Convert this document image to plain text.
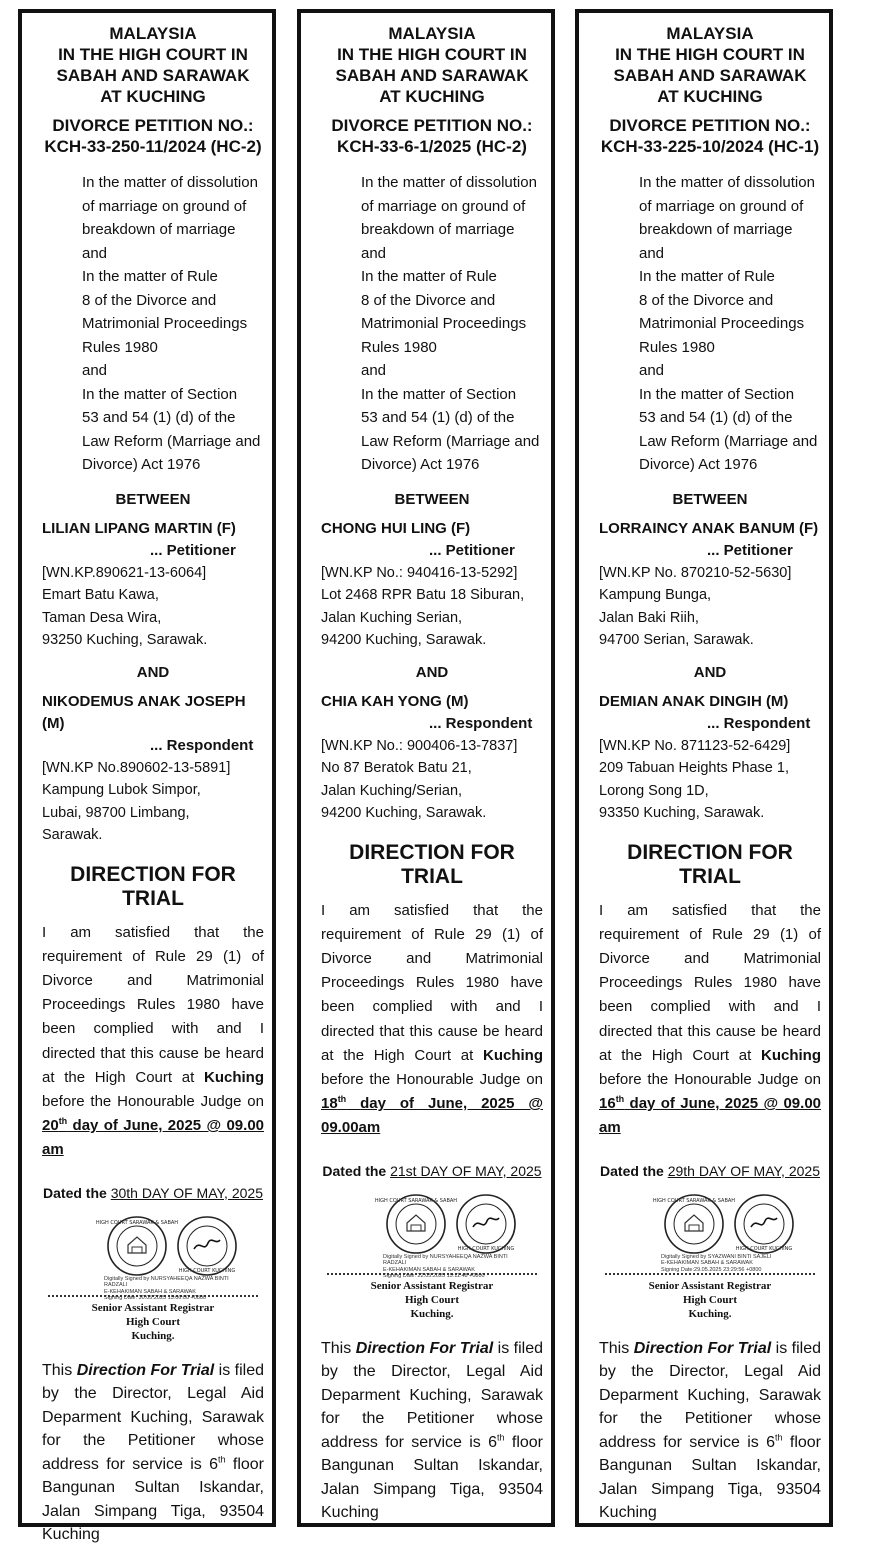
MALAYSIA
IN THE HIGH COURT IN
SABAH AND SARAWAK
AT KUCHING
DIVORCE PETITION NO.:
KCH-33-250-11/2024 (HC-2)
In the matter of dissolution
of marriage on ground of
breakdown of marriage
and
In the matter of Rule
8 of the Divorce and
Matrimonial Proceedings
Rules 1980
and
In the matter of Section
53 and 54 (1) (d) of the
Law Reform (Marriage and
Divorce) Act 1976
BETWEEN
LILIAN LIPANG MARTIN (F)
... Petitioner
[WN.KP.890621-13-6064]
Emart Batu Kawa,
Taman Desa Wira,
93250 Kuching, Sarawak.
AND
NIKODEMUS ANAK JOSEPH (M)
... Respondent
[WN.KP No.890602-13-5891]
Kampung Lubok Simpor,
Lubai, 98700 Limbang,
Sarawak.
DIRECTION FOR TRIAL

I am satisfied that the requirement of Rule 29 (1) of Divorce and Matrimonial Proceedings Rules 1980 have been complied with and I directed that this cause be heard at the High Court at Kuching before the Honourable Judge on 20th day of June, 2025 @ 09.00 am

Dated the 30th DAY OF MAY, 2025
HIGH COURT SARAWAK & SABAH
HIGH COURT KUCHING
Digitally Signed by NURSYAHEEQA NAZWA BINTI
RADZALI
E-KEHAKIMAN SABAH & SARAWAK
Signing Date: 30.05.2025 15:06:00 +0800
Senior Assistant Registrar
High Court
Kuching.
This Direction For Trial is filed by the Director, Legal Aid Deparment Kuching, Sarawak for the Petitioner whose address for service is 6th floor Bangunan Sultan Iskandar, Jalan Simpang Tiga, 93504 Kuching
MALAYSIA
IN THE HIGH COURT IN
SABAH AND SARAWAK
AT KUCHING
DIVORCE PETITION NO.:
KCH-33-6-1/2025 (HC-2)
In the matter of dissolution
of marriage on ground of
breakdown of marriage
and
In the matter of Rule
8 of the Divorce and
Matrimonial Proceedings
Rules 1980
and
In the matter of Section
53 and 54 (1) (d) of the
Law Reform (Marriage and
Divorce) Act 1976
BETWEEN
CHONG HUI LING (F)
... Petitioner
[WN.KP No.: 940416-13-5292]
Lot 2468 RPR Batu 18 Siburan,
Jalan Kuching Serian,
94200 Kuching, Sarawak.
AND
CHIA KAH YONG (M)
... Respondent
[WN.KP No.: 900406-13-7837]
No 87 Beratok Batu 21,
Jalan Kuching/Serian,
94200 Kuching, Sarawak.
DIRECTION FOR TRIAL

I am satisfied that the requirement of Rule 29 (1) of Divorce and Matrimonial Proceedings Rules 1980 have been complied with and I directed that this cause be heard at the High Court at Kuching before the Honourable Judge on 18th day of June, 2025 @ 09.00am

Dated the 21st DAY OF MAY, 2025
HIGH COURT SARAWAK & SABAH
HIGH COURT KUCHING
Digitally Signed by NURSYAHEEQA NAZWA BINTI
RADZALI
E-KEHAKIMAN SABAH & SARAWAK
Signing Date: 22.05.2025 15:11:48 +0800
Senior Assistant Registrar
High Court
Kuching.
This Direction For Trial is filed by the Director, Legal Aid Deparment Kuching, Sarawak for the Petitioner whose address for service is 6th floor Bangunan Sultan Iskandar, Jalan Simpang Tiga, 93504 Kuching
MALAYSIA
IN THE HIGH COURT IN
SABAH AND SARAWAK
AT KUCHING
DIVORCE PETITION NO.:
KCH-33-225-10/2024 (HC-1)
In the matter of dissolution
of marriage on ground of
breakdown of marriage
and
In the matter of Rule
8 of the Divorce and
Matrimonial Proceedings
Rules 1980
and
In the matter of Section
53 and 54 (1) (d) of the
Law Reform (Marriage and
Divorce) Act 1976
BETWEEN
LORRAINCY ANAK BANUM (F)
... Petitioner
[WN.KP No. 870210-52-5630]
Kampung Bunga,
Jalan Baki Riih,
94700 Serian, Sarawak.
AND
DEMIAN ANAK DINGIH (M)
... Respondent
[WN.KP No. 871123-52-6429]
209 Tabuan Heights Phase 1,
Lorong Song 1D,
93350 Kuching, Sarawak.
DIRECTION FOR TRIAL

I am satisfied that the requirement of Rule 29 (1) of Divorce and Matrimonial Proceedings Rules 1980 have been complied with and I directed that this cause be heard at the High Court at Kuching before the Honourable Judge on 16th day of June, 2025 @ 09.00 am

Dated the 29th DAY OF MAY, 2025
HIGH COURT SARAWAK & SABAH
HIGH COURT KUCHING
Digitally Signed by SYAZWANI BINTI SAJELI
E-KEHAKIMAN SABAH & SARAWAK
Signing Date:29.05.2025 23:29:56 +0800
Senior Assistant Registrar
High Court
Kuching.
This Direction For Trial is filed by the Director, Legal Aid Deparment Kuching, Sarawak for the Petitioner whose address for service is 6th floor Bangunan Sultan Iskandar, Jalan Simpang Tiga, 93504 Kuching
